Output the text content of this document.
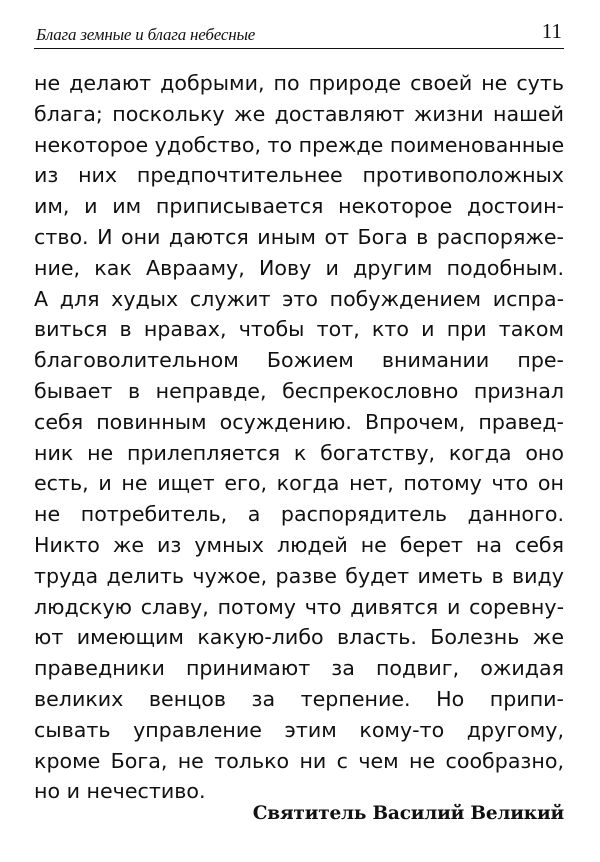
Блага земные и блага небесные	11
не делают добрыми, по природе своей не суть
блага; поскольку же доставляют жизни нашей
некоторое удобство, то прежде поименованные
из них предпочтительнее противоположных
им, и им приписывается некоторое достоин-
ство. И они даются иным от Бога в распоряже-
ние, как Аврааму, Иову и другим подобным.
А для худых служит это побуждением испра-
виться в нравах, чтобы тот, кто и при таком
благоволительном Божием внимании пре-
бывает в неправде, беспрекословно признал
себя повинным осуждению. Впрочем, правед-
ник не прилепляется к богатству, когда оно
есть, и не ищет его, когда нет, потому что он
не потребитель, а распорядитель данного.
Никто же из умных людей не берет на себя
труда делить чужое, разве будет иметь в виду
людскую славу, потому что дивятся и соревну-
ют имеющим какую-либо власть. Болезнь же
праведники принимают за подвиг, ожидая
великих венцов за терпение. Но припи-
сывать управление этим кому-то другому,
кроме Бога, не только ни с чем не сообразно,
но и нечестиво.
Святитель Василий Великий
